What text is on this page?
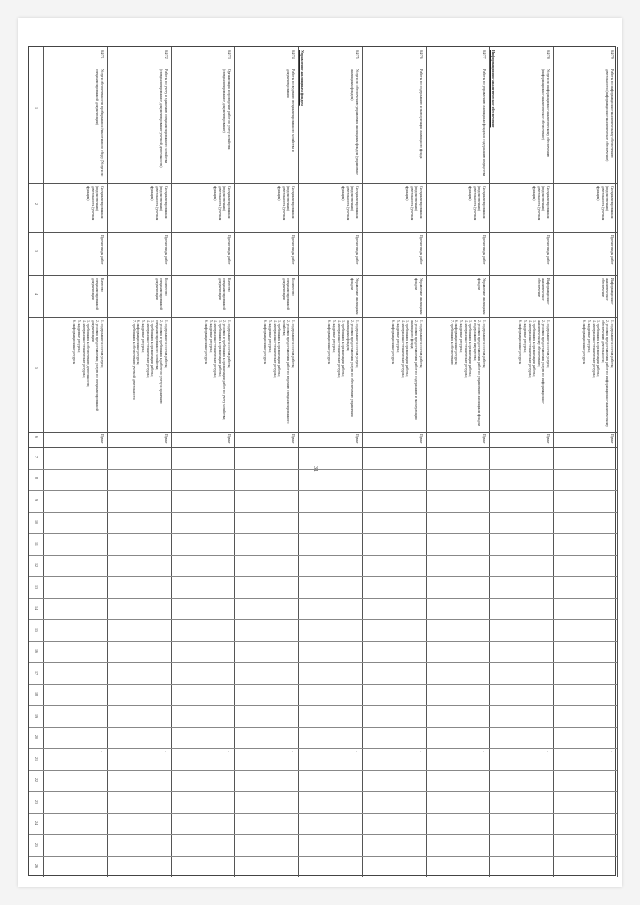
31
1
2
3
4
5
6
7
8
9
10
11
12
13
14
15
16
17
18
19
20
21
22
23
24
25
26
04/71
Услуги обеспеченности пробирками и ёмкостями по сбору (Услуги по специализированной документации)
Специализированная (ведомственная) деятельность (учетная функция)
Прочие виды работ
Качество специализированной документации
1. содержание и состав услуги;
2. условия предоставления; услуги по специализированной документации
3. требования к обеспечению деятельности;
4. материально-технические ресурсы;
5. кадровые ресурсы;
6. информационные ресурсы
Пункт
.
04/72
Работы по учету и хранению специализированного хозяйства (специализированное документирование учетной деятельности)
Специализированная (ведомственная) деятельность (учетная функция)
Прочие виды работ
Количество специализированной документации
1. содержание и состав работы;
2. условия и требования к работе по учету и хранению специализированного хозяйства;
3. требования к организации работы;
4. материально-технические ресурсы;
5. кадровые ресурсы;
6. информационные ресурсы;
7. требования к обеспечению учетной деятельности
Пункт
.
04/73
Организация и проведение работ по учету хозяйства (специализированное документирование)
Специализированная (ведомственная) деятельность (учетная функция)
Прочие виды работ
Качество специализированной документации
1. содержание и состав работы;
2. условия и требования к организации работ по учету хозяйства;
3. требования к организации работы;
4. материально-технические ресурсы;
5. кадровые ресурсы;
6. информационные ресурсы
Пункт
.
04/74
Работы по ведению специализированного хозяйства и документирования
Специализированная (ведомственная) деятельность (учетная функция)
Прочие виды работ
Количество специализированной документации
1. содержание и состав работы;
2. условия предоставления работ по ведению специализированного хозяйства;
3. требования к организации работы;
4. материально-технические ресурсы;
5. кадровые ресурсы;
6. информационные ресурсы
Пункт
.
04/75
Управление жилищным фондом	Услуги по обеспечению управления жилищным фондом (управление жилищным фондом)
Специализированная (ведомственная) деятельность (учетная функция)
Прочие виды работ
Управление жилищным фондом
1. содержание и состав услуги;
2. условия предоставления услуги по обеспечению управления жилищным фондом;
3. требования к организации работы;
4. материально-технические ресурсы;
5. кадровые ресурсы;
6. информационные ресурсы
Пункт
.
04/76
Работы по содержанию и эксплуатации жилищного фонда
Специализированная (ведомственная) деятельность (учетная функция)
Прочие виды работ
Управление жилищным фондом
1. содержание и состав работы;
2. условия предоставления работ по содержанию и эксплуатации жилищного фонда;
3. требования к организации работы;
4. материально-технические ресурсы;
5. кадровые ресурсы;
6. информационные ресурсы
Пункт
.
04/77
Работы по управлению жилищным фондом и содержанию имущества
Специализированная (ведомственная) деятельность (учетная функция)
Прочие виды работ
Управление жилищным фондом
1. содержание и состав работы;
2. условия предоставления работ по управлению жилищным фондом и содержанию имущества;
3. требования к организации работы;
4. материально-технические ресурсы;
5. кадровые ресурсы;
6. информационные ресурсы;
7. требования к обеспечению
Пункт
.
04/78
Информационно-аналитическое обеспечение	Услуги по информационно-аналитическому обеспечению (информационно-аналитическое обеспечение)
Специализированная (ведомственная) деятельность (учетная функция)
Прочие виды работ
Информационно-аналитическое обеспечение
1. содержание и состав услуги;
2. условия предоставления услуги по информационно-аналитическому обеспечению;
3. требования к организации работы;
4. материально-технические ресурсы;
5. кадровые ресурсы;
6. информационные ресурсы
Пункт
.
04/79
Работы по информационно-аналитическому обеспечению деятельности (информационно-аналитическое обеспечение)
Специализированная (ведомственная) деятельность (учетная функция)
Прочие виды работ
Информационно-аналитическое обеспечение
1. содержание и состав работы;
2. условия предоставления работ по информационно-аналитическому обеспечению деятельности;
3. требования к организации работы;
4. материально-технические ресурсы;
5. кадровые ресурсы;
6. информационные ресурсы
Пункт
.
